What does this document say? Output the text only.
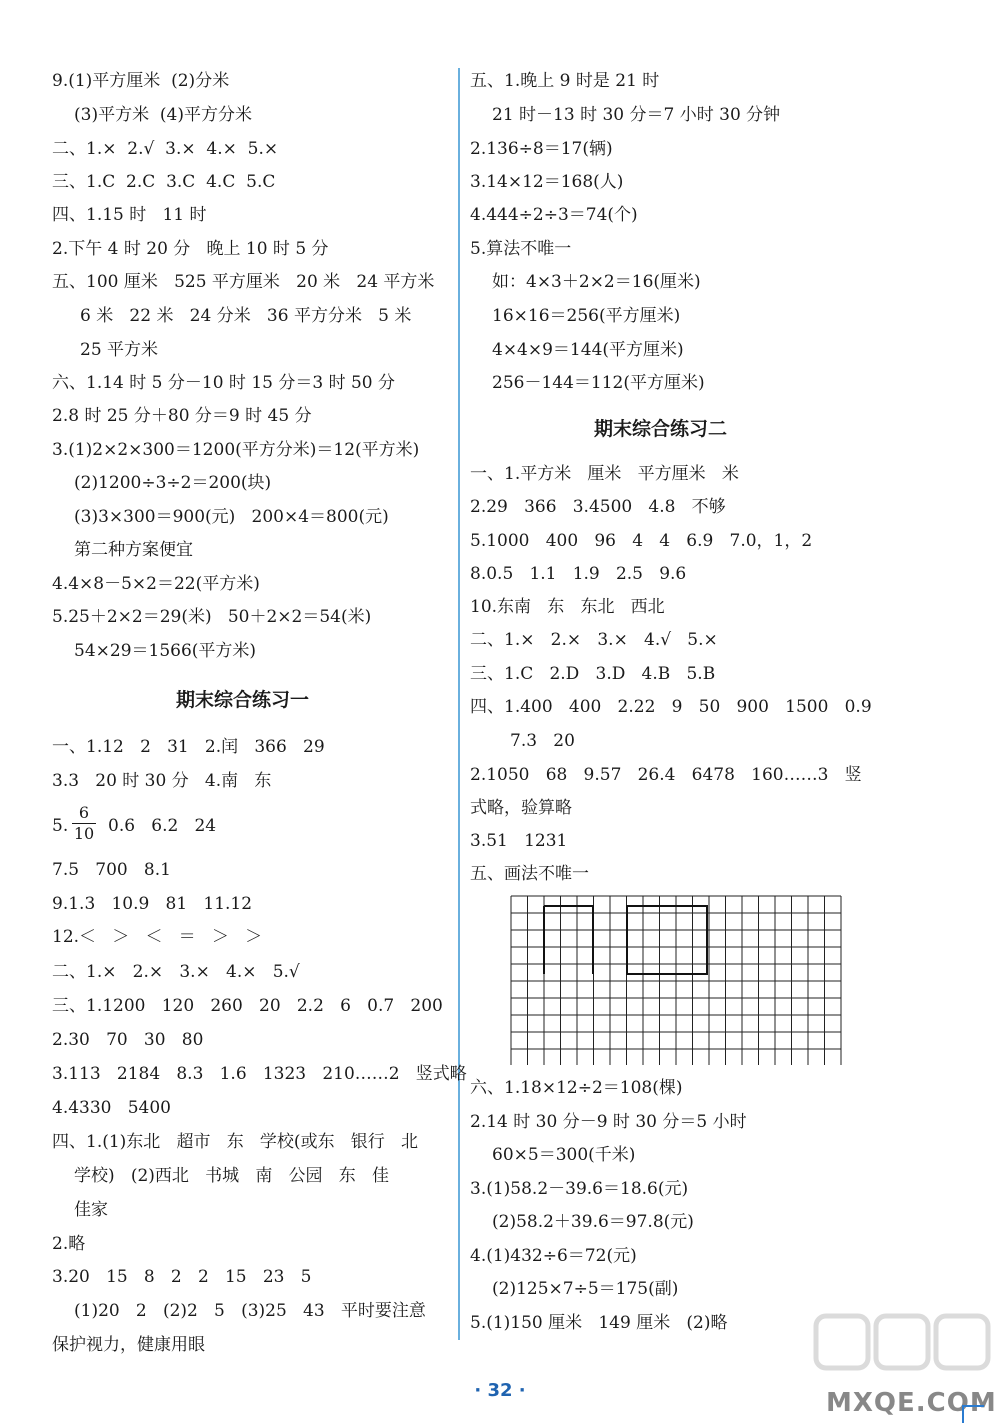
9.(1)平方厘米  (2)分米
(3)平方米  (4)平方分米
二、1.×  2.√  3.×  4.×  5.×
三、1.C  2.C  3.C  4.C  5.C
四、1.15 时   11 时
2.下午 4 时 20 分   晚上 10 时 5 分
五、100 厘米   525 平方厘米   20 米   24 平方米
6 米   22 米   24 分米   36 平方分米   5 米
25 平方米
六、1.14 时 5 分－10 时 15 分＝3 时 50 分
2.8 时 25 分＋80 分＝9 时 45 分
3.(1)2×2×300＝1200(平方分米)＝12(平方米)
(2)1200÷3÷2＝200(块)
(3)3×300＝900(元)   200×4＝800(元)
第二种方案便宜
4.4×8－5×2＝22(平方米)
5.25＋2×2＝29(米)   50＋2×2＝54(米)
54×29＝1566(平方米)
期末综合练习一
一、1.12   2   31   2.闰   366   29
3.3   20 时 30 分   4.南   东
5.
6
10 0.6   6.2   24
7.5   700   8.1
9.1.3   10.9   81   11.12
12.＜   ＞   ＜   ＝   ＞   ＞
二、1.×   2.×   3.×   4.×   5.√
三、1.1200   120   260   20   2.2   6   0.7   200
2.30   70   30   80
3.113   2184   8.3   1.6   1323   210……2   竖式略
4.4330   5400
四、1.(1)东北   超市   东   学校(或东   银行   北
学校)   (2)西北   书城   南   公园   东   佳
佳家
2.略
3.20   15   8   2   2   15   23   5
(1)20   2   (2)2   5   (3)25   43   平时要注意
保护视力，健康用眼
五、1.晚上 9 时是 21 时
21 时－13 时 30 分＝7 小时 30 分钟
2.136÷8＝17(辆)
3.14×12＝168(人)
4.444÷2÷3＝74(个)
5.算法不唯一
如：4×3＋2×2＝16(厘米)
16×16＝256(平方厘米)
4×4×9＝144(平方厘米)
256－144＝112(平方厘米)
期末综合练习二
一、1.平方米   厘米   平方厘米   米
2.29   366   3.4500   4.8   不够
5.1000   400   96   4   4   6.9   7.0，1，2
8.0.5   1.1   1.9   2.5   9.6
10.东南   东   东北   西北
二、1.×   2.×   3.×   4.√   5.×
三、1.C   2.D   3.D   4.B   5.B
四、1.400   400   2.22   9   50   900   1500   0.9
7.3   20
2.1050   68   9.57   26.4   6478   160……3   竖
式略，验算略
3.51   1231
五、画法不唯一
六、1.18×12÷2＝108(棵)
2.14 时 30 分－9 时 30 分＝5 小时
60×5＝300(千米)
3.(1)58.2－39.6＝18.6(元)
(2)58.2＋39.6＝97.8(元)
4.(1)432÷6＝72(元)
(2)125×7÷5＝175(副)
5.(1)150 厘米   149 厘米   (2)略
· 32 ·	MXQE.COM
